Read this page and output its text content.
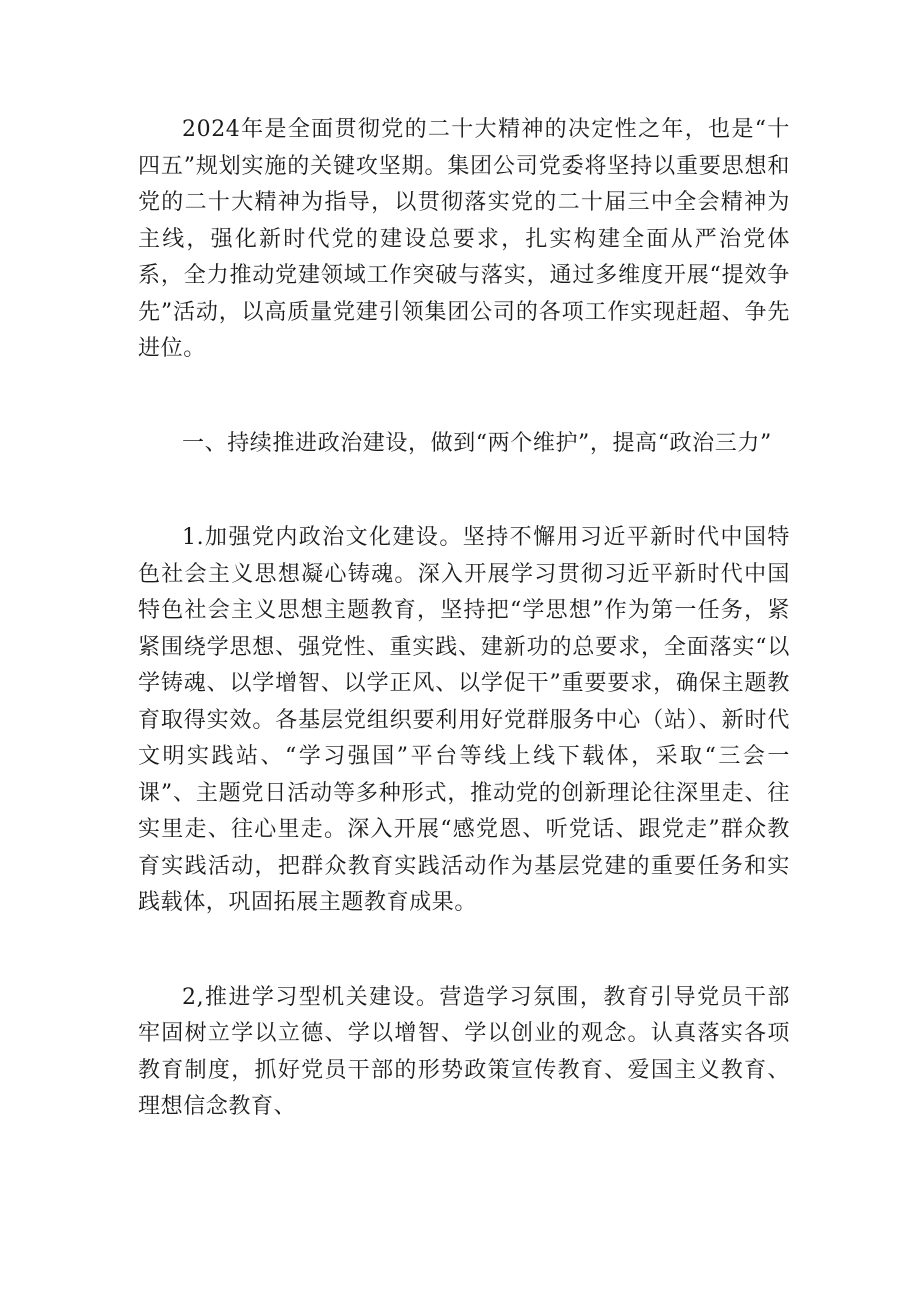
2024年是全面贯彻党的二十大精神的决定性之年，也是“十四五”规划实施的关键攻坚期。集团公司党委将坚持以重要思想和党的二十大精神为指导，以贯彻落实党的二十届三中全会精神为主线，强化新时代党的建设总要求，扎实构建全面从严治党体系，全力推动党建领域工作突破与落实，通过多维度开展“提效争先”活动，以高质量党建引领集团公司的各项工作实现赶超、争先进位。

一、持续推进政治建设，做到“两个维护”，提高“政治三力”

1.加强党内政治文化建设。坚持不懈用习近平新时代中国特色社会主义思想凝心铸魂。深入开展学习贯彻习近平新时代中国特色社会主义思想主题教育，坚持把“学思想”作为第一任务，紧紧围绕学思想、强党性、重实践、建新功的总要求，全面落实“以学铸魂、以学增智、以学正风、以学促干”重要要求，确保主题教育取得实效。各基层党组织要利用好党群服务中心（站）、新时代文明实践站、“学习强国”平台等线上线下载体，采取“三会一课”、主题党日活动等多种形式，推动党的创新理论往深里走、往实里走、往心里走。深入开展“感党恩、听党话、跟党走”群众教育实践活动，把群众教育实践活动作为基层党建的重要任务和实践载体，巩固拓展主题教育成果。

2,推进学习型机关建设。营造学习氛围，教育引导党员干部牢固树立学以立德、学以增智、学以创业的观念。认真落实各项教育制度，抓好党员干部的形势政策宣传教育、爱国主义教育、理想信念教育、
